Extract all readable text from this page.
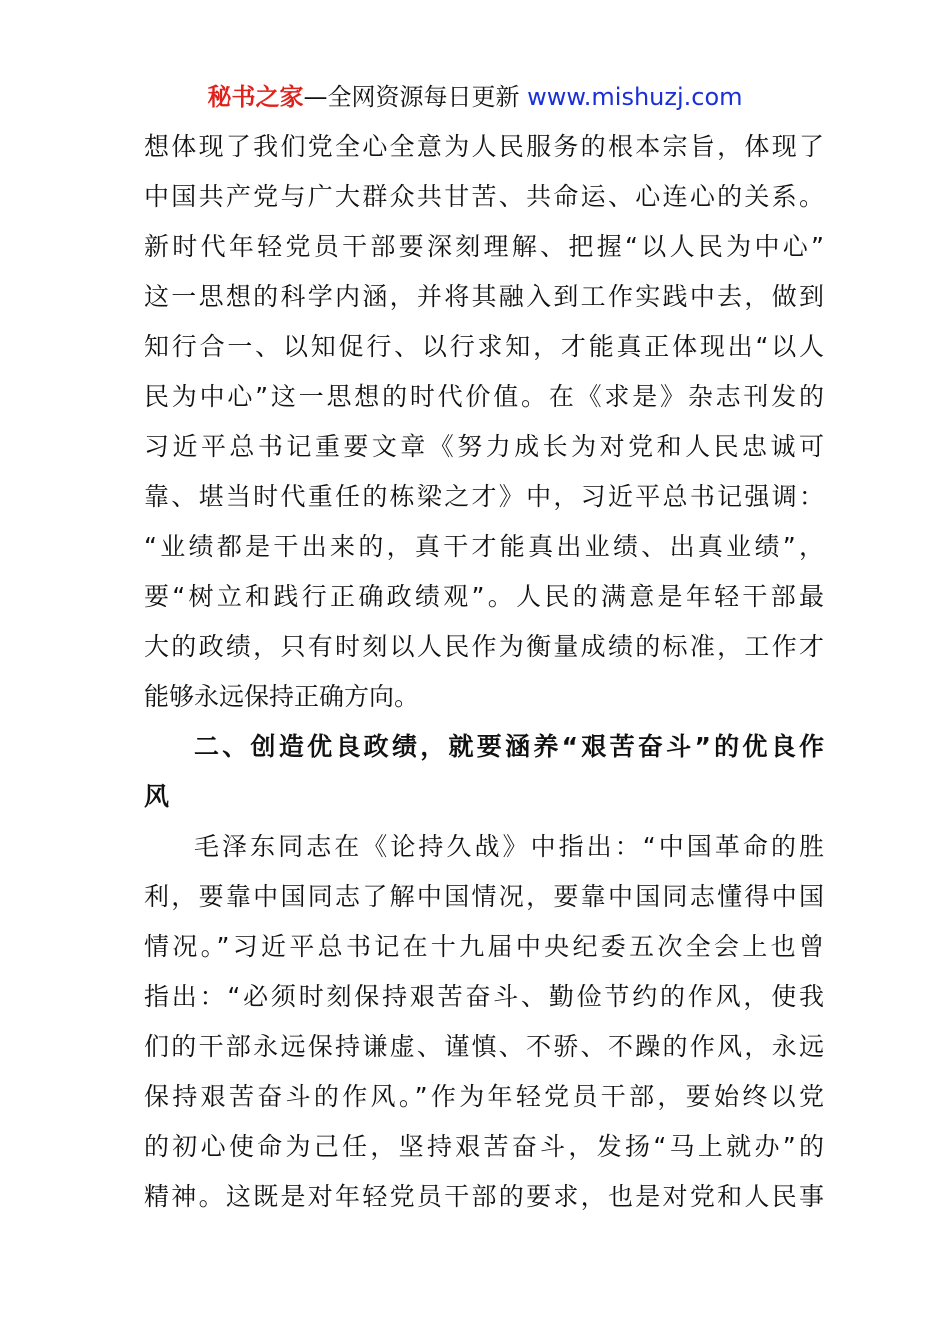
秘书之家—全网资源每日更新 www.mishuzj.com
想体现了我们党全心全意为人民服务的根本宗旨，体现了
中国共产党与广大群众共甘苦、共命运、心连心的关系。
新时代年轻党员干部要深刻理解、把握“以人民为中心”
这一思想的科学内涵，并将其融入到工作实践中去，做到
知行合一、以知促行、以行求知，才能真正体现出“以人
民为中心”这一思想的时代价值。在《求是》杂志刊发的
习近平总书记重要文章《努力成长为对党和人民忠诚可
靠、堪当时代重任的栋梁之才》中，习近平总书记强调：
“业绩都是干出来的，真干才能真出业绩、出真业绩”，
要“树立和践行正确政绩观”。人民的满意是年轻干部最
大的政绩，只有时刻以人民作为衡量成绩的标准，工作才
能够永远保持正确方向。
二、创造优良政绩，就要涵养“艰苦奋斗”的优良作
风
毛泽东同志在《论持久战》中指出：“中国革命的胜
利，要靠中国同志了解中国情况，要靠中国同志懂得中国
情况。”习近平总书记在十九届中央纪委五次全会上也曾
指出：“必须时刻保持艰苦奋斗、勤俭节约的作风，使我
们的干部永远保持谦虚、谨慎、不骄、不躁的作风，永远
保持艰苦奋斗的作风。”作为年轻党员干部，要始终以党
的初心使命为己任，坚持艰苦奋斗，发扬“马上就办”的
精神。这既是对年轻党员干部的要求，也是对党和人民事
